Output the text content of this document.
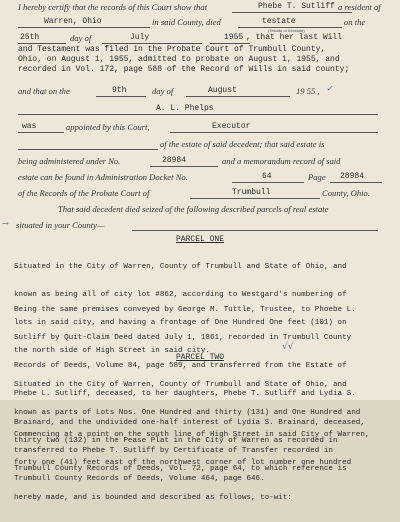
I hereby certify that the records of this Court show that	Phebe T. Sutliff a resident of
Warren, Ohio	in said County, died	testate	on the
25th	day of	July	1955
(Testate or Intestate)
, that her last Will
and Testament was filed in the Probate Court of Trumbull County,
Ohio, on August 1, 1955, admitted to probate on August 1, 1955, and
recorded in Vol. 172, page 588 of the Record of Wills in said county;
and that on the	9th	day of	August	19 55 , ✓
A. L. Phelps
was	appointed by this Court,	Executor
of the estate of said decedent; that said estate is
being administered under No.	28984	and a memorandum record of said
estate can be found in Administration Docket No.	64	Page 28984
of the Records of the Probate Court of	Trumbull	County, Ohio.
That said decedent died seized of the following described parcels of real estate
→ situated in your County—
PARCEL ONE

Situated in the City of Warren, County of Trumbull and State of Ohio, and

known as being all of city lot #862, according to Westgard's numbering of

lots in said city, and having a frontage of One Hundred One feet (101) on

the north side of High Street in said city.

Being the same premises conveyed by George M. Tuttle, Trustee, to Phoebe L.

Sutliff by Quit-Claim Deed dated July 1, 1861, recorded in Trumbull County

Records of Deeds, Volume 84, page 589, and transferred from the Estate of

Phebe L. Sutliff, deceased, to her daughters, Phebe T. Sutliff and Lydia S.

Brainard, and the undivided one-half interest of Lydia S. Brainard, deceased,

transferred to Phebe T. Sutliff by Certificate of Transfer recorded in

Trumbull County Records of Deeds, Volume 464, page 646.

√√
PARCEL TWO

Situated in the City of Warren, County of Trumbull and State of Ohio, and

known as parts of Lots Nos. One Hundred and thirty (131) and One Hundred and

thirty two (132) in the Pease Plat in the City of Warren as recorded in

Trumbull County Records of Deeds, Vol. 72, page 64, to which reference is

hereby made, and is bounded and described as follows, to-wit:

Commencing at a point on the south line of High Street in said City of Warren,

forty one (41) feet east of the northwest corner of lot number one hundred
